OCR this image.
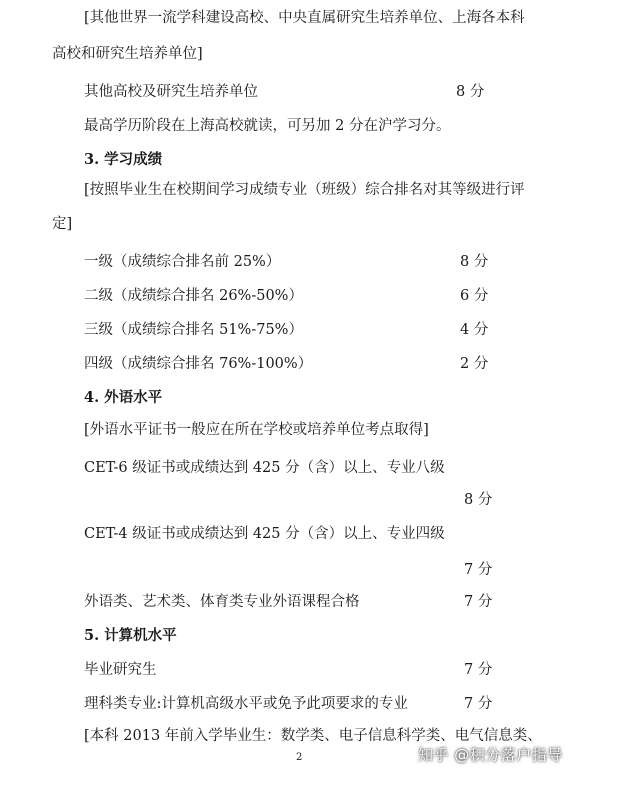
[其他世界一流学科建设高校、中央直属研究生培养单位、上海各本科
高校和研究生培养单位]
其他高校及研究生培养单位	8 分
最高学历阶段在上海高校就读，可另加 2 分在沪学习分。
3. 学习成绩
[按照毕业生在校期间学习成绩专业（班级）综合排名对其等级进行评
定]
一级（成绩综合排名前 25%）	8 分
二级（成绩综合排名 26%-50%）	6 分
三级（成绩综合排名 51%-75%）	4 分
四级（成绩综合排名 76%-100%）	2 分
4. 外语水平
[外语水平证书一般应在所在学校或培养单位考点取得]
CET-6 级证书或成绩达到 425 分（含）以上、专业八级
8 分
CET-4 级证书或成绩达到 425 分（含）以上、专业四级
7 分
外语类、艺术类、体育类专业外语课程合格	7 分
5. 计算机水平
毕业研究生	7 分
理科类专业:计算机高级水平或免予此项要求的专业	7 分
[本科 2013 年前入学毕业生：数学类、电子信息科学类、电气信息类、
2	知乎 @积分落户指导
